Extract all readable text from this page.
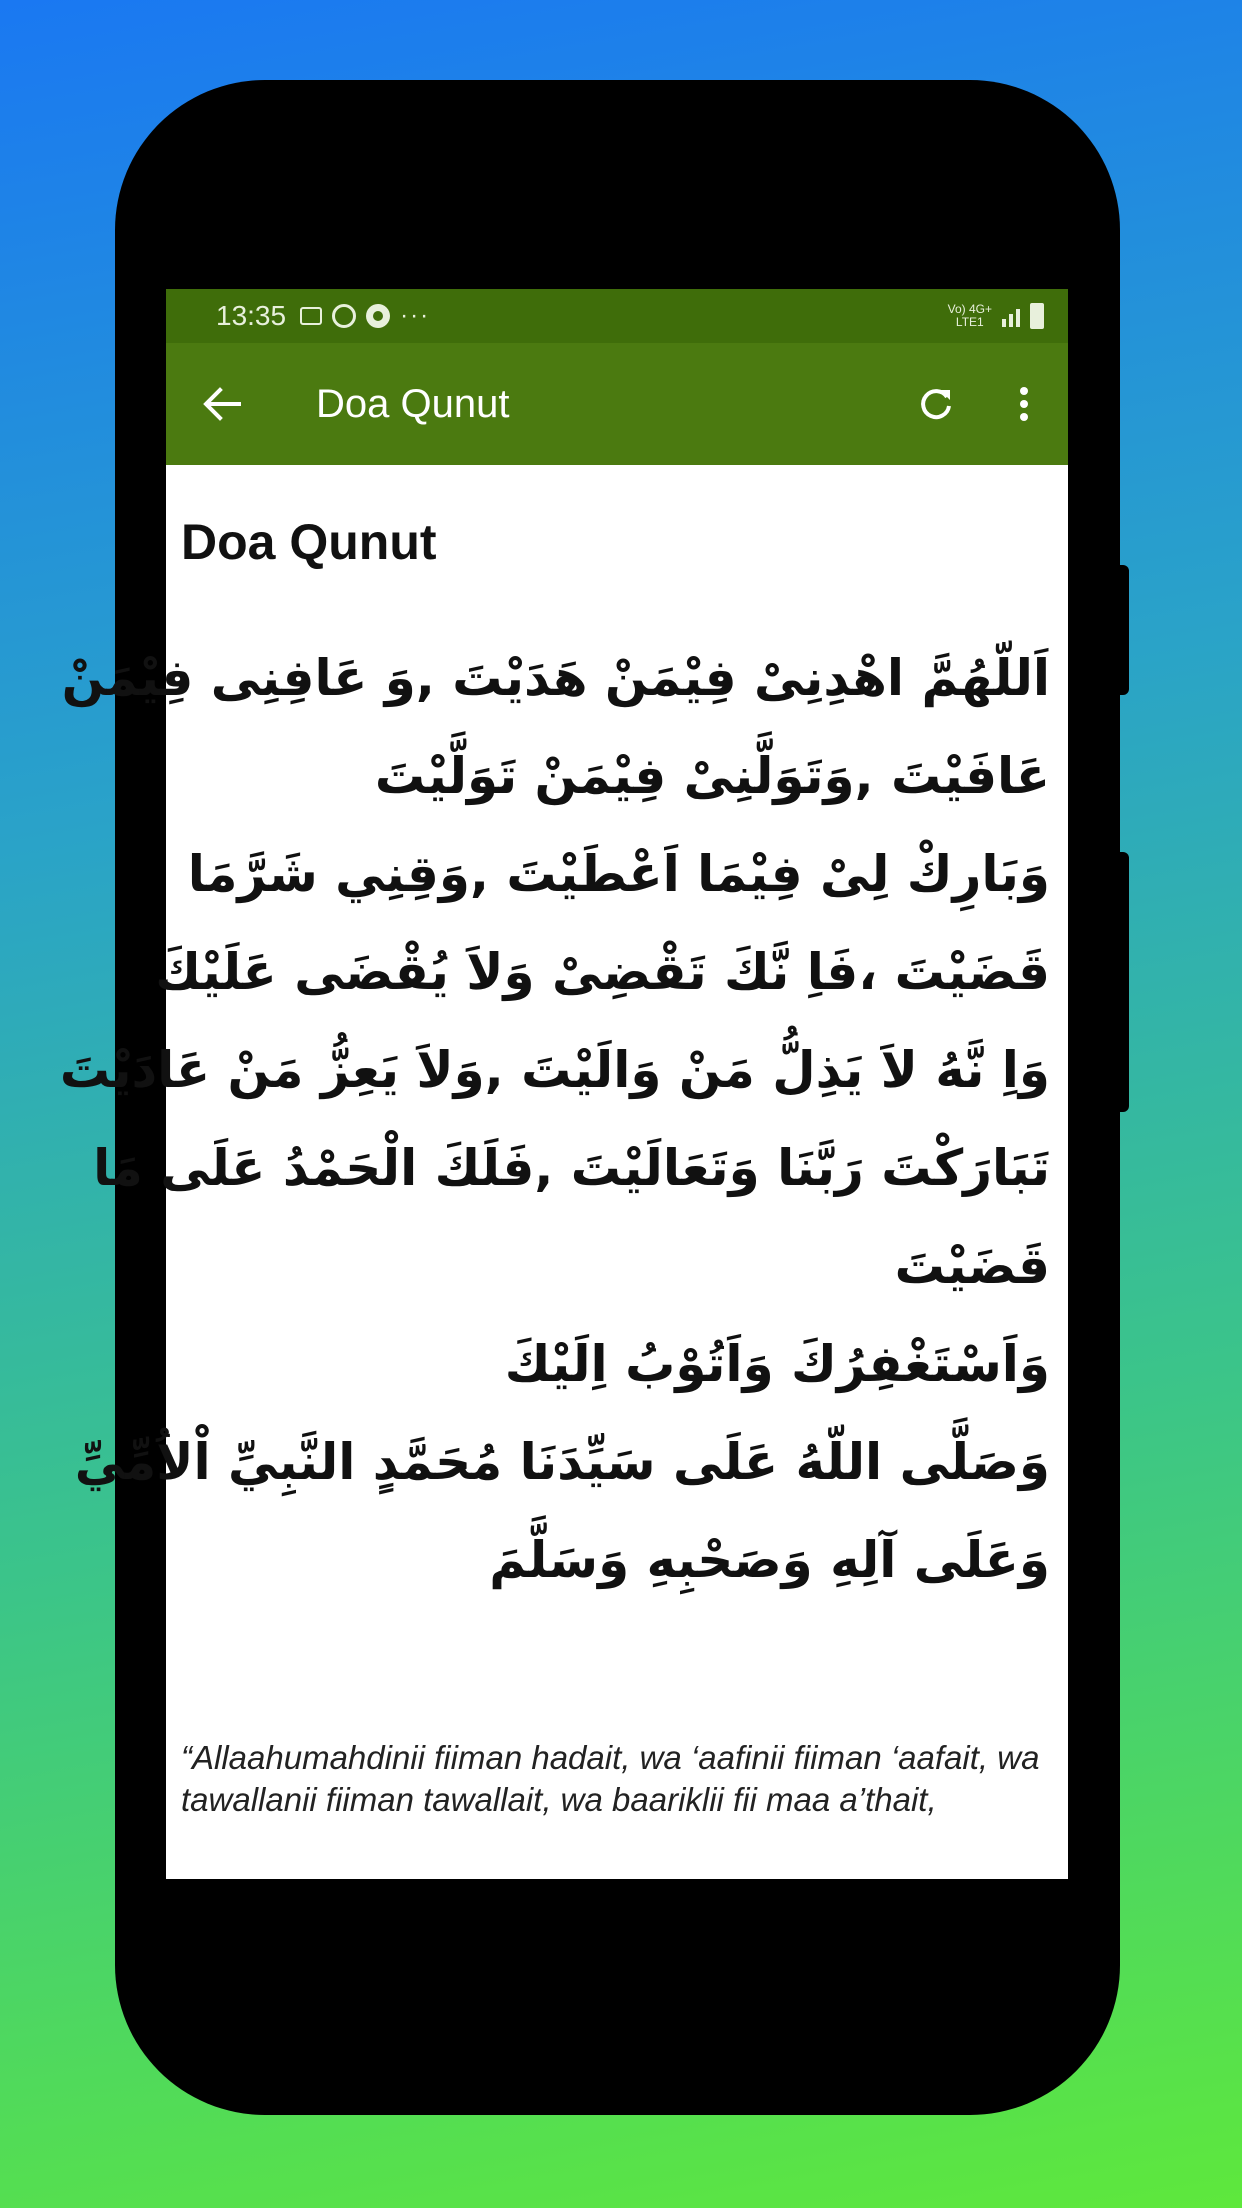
13:35	···	Vo) 4G+
LTE1
Doa Qunut
Doa Qunut
اَللّهُمَّ اهْدِنِىْ فِيْمَنْ هَدَيْتَ ,وَ عَافِنِى فِيْمَنْ
عَافَيْتَ ,وَتَوَلَّنِىْ فِيْمَنْ تَوَلَّيْتَ
وَبَارِكْ لِىْ فِيْمَا اَعْطَيْتَ ,وَقِنِي شَرَّمَا
قَضَيْتَ ،فَاِ نَّكَ تَقْضِىْ وَلاَ يُقْضَى عَلَيْكَ
وَاِ نَّهُ لاَ يَذِلُّ مَنْ وَالَيْتَ ,وَلاَ يَعِزُّ مَنْ عَادَيْتَ
تَبَارَكْتَ رَبَّنَا وَتَعَالَيْتَ ,فَلَكَ الْحَمْدُ عَلَى مَا
قَضَيْتَ
وَاَسْتَغْفِرُكَ وَاَتُوْبُ اِلَيْكَ
وَصَلَّى اللّهُ عَلَى سَيِّدَنَا مُحَمَّدٍ النَّبِيِّ اْلاُمِّيِّ
وَعَلَى آلِهِ وَصَحْبِهِ وَسَلَّمَ
“Allaahumahdinii fiiman hadait, wa ‘aafinii fiiman ‘aafait, wa tawallanii fiiman tawallait, wa baariklii fii maa a’thait,
